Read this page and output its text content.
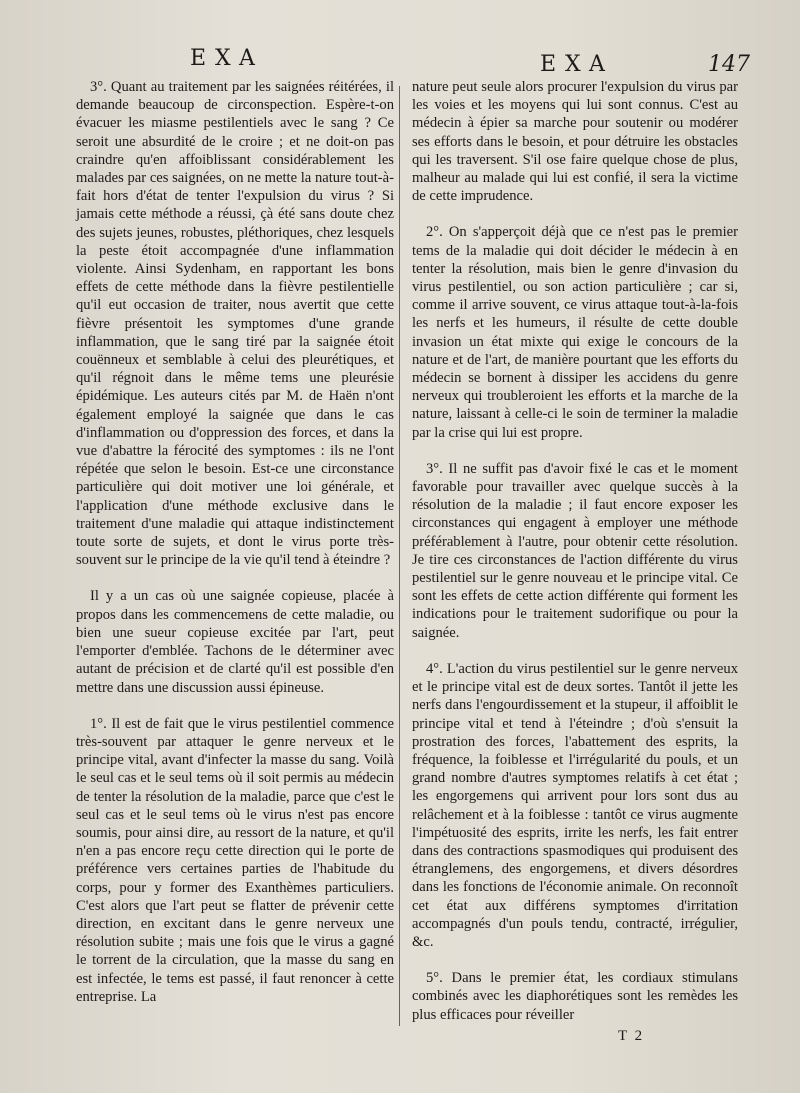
EXA	EXA	147

3°. Quant au traitement par les saignées réitérées, il demande beaucoup de circonspection. Espère-t-on évacuer les miasme pestilentiels avec le sang ? Ce seroit une absurdité de le croire ; et ne doit-on pas craindre qu'en affoiblissant considérablement les malades par ces saignées, on ne mette la nature tout-à-fait hors d'état de tenter l'expulsion du virus ? Si jamais cette méthode a réussi, çà été sans doute chez des sujets jeunes, robustes, pléthoriques, chez lesquels la peste étoit accompagnée d'une inflammation violente. Ainsi Sydenham, en rapportant les bons effets de cette méthode dans la fièvre pestilentielle qu'il eut occasion de traiter, nous avertit que cette fièvre présentoit les symptomes d'une grande inflammation, que le sang tiré par la saignée étoit couënneux et semblable à celui des pleurétiques, et qu'il régnoit dans le même tems une pleurésie épidémique. Les auteurs cités par M. de Haën n'ont également employé la saignée que dans le cas d'inflammation ou d'oppression des forces, et dans la vue d'abattre la férocité des symptomes : ils ne l'ont répétée que selon le besoin. Est-ce une circonstance particulière qui doit motiver une loi générale, et l'application d'une méthode exclusive dans le traitement d'une maladie qui attaque indistinctement toute sorte de sujets, et dont le virus porte très-souvent sur le principe de la vie qu'il tend à éteindre ?

Il y a un cas où une saignée copieuse, placée à propos dans les commencemens de cette maladie, ou bien une sueur copieuse excitée par l'art, peut l'emporter d'emblée. Tachons de le déterminer avec autant de précision et de clarté qu'il est possible d'en mettre dans une discussion aussi épineuse.

1°. Il est de fait que le virus pestilentiel commence très-souvent par attaquer le genre nerveux et le principe vital, avant d'infecter la masse du sang. Voilà le seul cas et le seul tems où il soit permis au médecin de tenter la résolution de la maladie, parce que c'est le seul cas et le seul tems où le virus n'est pas encore soumis, pour ainsi dire, au ressort de la nature, et qu'il n'en a pas encore reçu cette direction qui le porte de préférence vers certaines parties de l'habitude du corps, pour y former des Exanthèmes particuliers. C'est alors que l'art peut se flatter de prévenir cette direction, en excitant dans le genre nerveux une résolution subite ; mais une fois que le virus a gagné le torrent de la circulation, que la masse du sang en est infectée, le tems est passé, il faut renoncer à cette entreprise. La

nature peut seule alors procurer l'expulsion du virus par les voies et les moyens qui lui sont connus. C'est au médecin à épier sa marche pour soutenir ou modérer ses efforts dans le besoin, et pour détruire les obstacles qui les traversent. S'il ose faire quelque chose de plus, malheur au malade qui lui est confié, il sera la victime de cette imprudence.

2°. On s'apperçoit déjà que ce n'est pas le premier tems de la maladie qui doit décider le médecin à en tenter la résolution, mais bien le genre d'invasion du virus pestilentiel, ou son action particulière ; car si, comme il arrive souvent, ce virus attaque tout-à-la-fois les nerfs et les humeurs, il résulte de cette double invasion un état mixte qui exige le concours de la nature et de l'art, de manière pourtant que les efforts du médecin se bornent à dissiper les accidens du genre nerveux qui troubleroient les efforts et la marche de la nature, laissant à celle-ci le soin de terminer la maladie par la crise qui lui est propre.

3°. Il ne suffit pas d'avoir fixé le cas et le moment favorable pour travailler avec quelque succès à la résolution de la maladie ; il faut encore exposer les circonstances qui engagent à employer une méthode préférablement à l'autre, pour obtenir cette résolution. Je tire ces circonstances de l'action différente du virus pestilentiel sur le genre nouveau et le principe vital. Ce sont les effets de cette action différente qui forment les indications pour le traitement sudorifique ou pour la saignée.

4°. L'action du virus pestilentiel sur le genre nerveux et le principe vital est de deux sortes. Tantôt il jette les nerfs dans l'engourdissement et la stupeur, il affoiblit le principe vital et tend à l'éteindre ; d'où s'ensuit la prostration des forces, l'abattement des esprits, la fréquence, la foiblesse et l'irrégularité du pouls, et un grand nombre d'autres symptomes relatifs à cet état ; les engorgemens qui arrivent pour lors sont dus au relâchement et à la foiblesse : tantôt ce virus augmente l'impétuosité des esprits, irrite les nerfs, les fait entrer dans des contractions spasmodiques qui produisent des étranglemens, des engorgemens, et divers désordres dans les fonctions de l'économie animale. On reconnoît cet état aux différens symptomes d'irritation accompagnés d'un pouls tendu, contracté, irrégulier, &c.

5°. Dans le premier état, les cordiaux stimulans combinés avec les diaphorétiques sont les remèdes les plus efficaces pour réveiller

T 2
